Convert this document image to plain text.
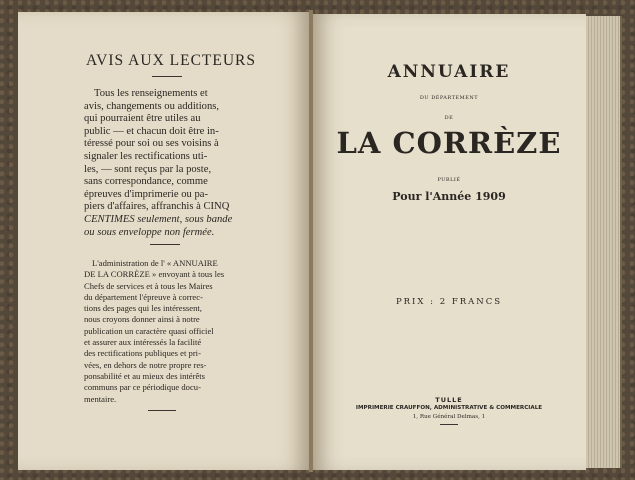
AVIS AUX LECTEURS
Tous les renseignements et
avis, changements ou additions,
qui pourraient être utiles au
public — et chacun doit être in-
téressé pour soi ou ses voisins à
signaler les rectifications uti-
les, — sont reçus par la poste,
sans correspondance, comme
épreuves d'imprimerie ou pa-
piers d'affaires, affranchis à CINQ
CENTIMES seulement, sous bande
ou sous enveloppe non fermée.
L'administration de l' « ANNUAIRE
DE LA CORRÈZE » envoyant à tous les
Chefs de services et à tous les Maires
du département l'épreuve à correc-
tions des pages qui les intéressent,
nous croyons donner ainsi à notre
publication un caractère quasi officiel
et assurer aux intéressés la facilité
des rectifications publiques et pri-
vées, en dehors de notre propre res-
ponsabilité et au mieux des intérêts
communs par ce périodique docu-
mentaire.
ANNUAIRE
DU DÉPARTEMENT
DE
LA CORRÈZE
PUBLIÉ
Pour l'Année 1909
PRIX : 2 FRANCS
TULLE
IMPRIMERIE CRAUFFON, ADMINISTRATIVE & COMMERCIALE
1, Rue Général Delmas, 1
